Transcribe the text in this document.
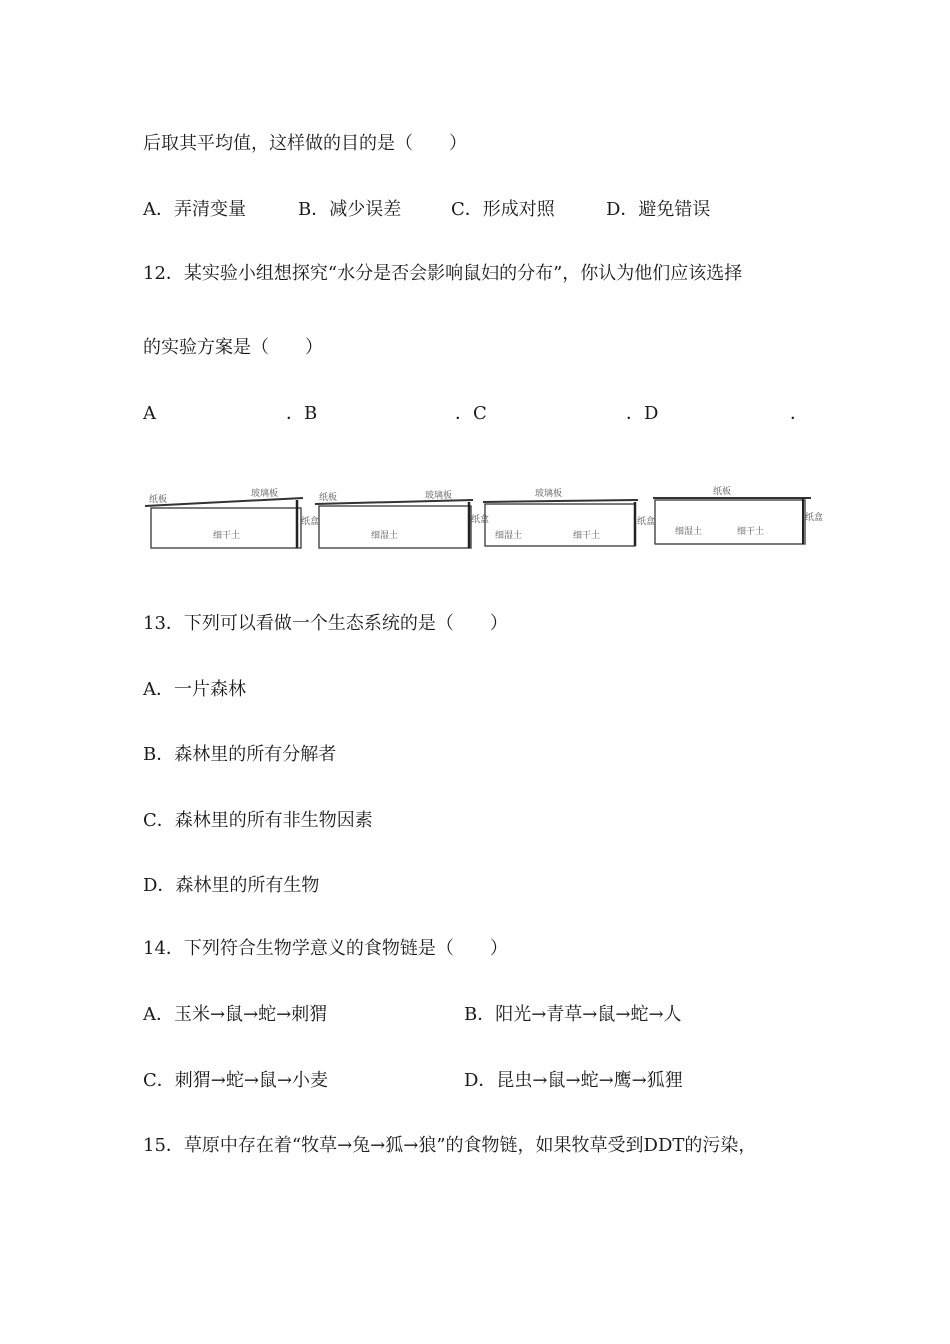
后取其平均值，这样做的目的是（　　）
A．弄清变量	B．减少误差	C．形成对照	D．避免错误
12．某实验小组想探究“水分是否会影响鼠妇的分布”，你认为他们应该选择
的实验方案是（　　）
A	．B	．C	．D	．
纸板
玻璃板
纸盒
细干土
纸板	玻璃板
纸盒
细湿土
玻璃板
纸盒
细湿土	细干土
纸板
纸盒
细湿土	细干土
13．下列可以看做一个生态系统的是（　　）
A．一片森林
B．森林里的所有分解者
C．森林里的所有非生物因素
D．森林里的所有生物
14．下列符合生物学意义的食物链是（　　）
A．玉米→鼠→蛇→刺猬	B．阳光→青草→鼠→蛇→人
C．刺猬→蛇→鼠→小麦	D．昆虫→鼠→蛇→鹰→狐狸
15．草原中存在着“牧草→兔→狐→狼”的食物链，如果牧草受到DDT的污染，
